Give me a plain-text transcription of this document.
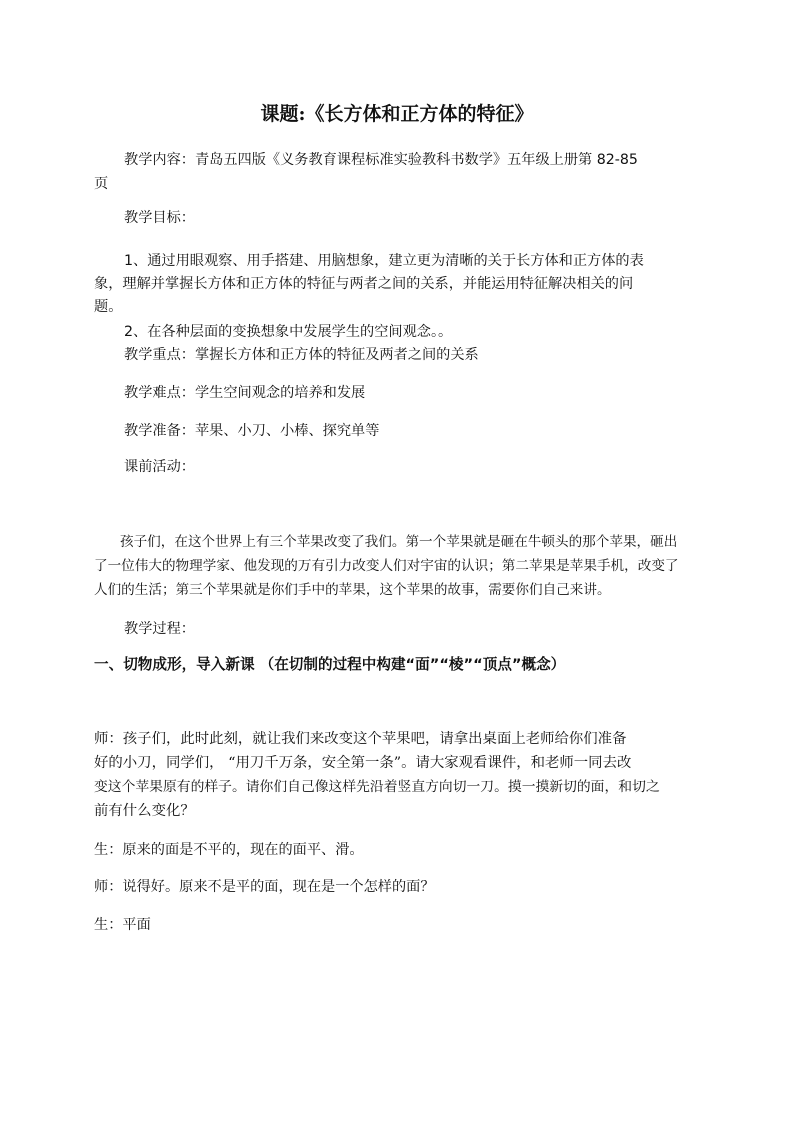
课题:《长方体和正方体的特征》
教学内容：青岛五四版《义务教育课程标准实验教科书数学》五年级上册第 82-85
页
教学目标：
1、通过用眼观察、用手搭建、用脑想象，建立更为清晰的关于长方体和正方体的表
象，理解并掌握长方体和正方体的特征与两者之间的关系，并能运用特征解决相关的问
题。
2、在各种层面的变换想象中发展学生的空间观念。。
教学重点：掌握长方体和正方体的特征及两者之间的关系
教学难点：学生空间观念的培养和发展
教学准备：苹果、小刀、小棒、探究单等
课前活动：
孩子们，在这个世界上有三个苹果改变了我们。第一个苹果就是砸在牛顿头的那个苹果，砸出
了一位伟大的物理学家、他发现的万有引力改变人们对宇宙的认识；第二苹果是苹果手机，改变了
人们的生活；第三个苹果就是你们手中的苹果，这个苹果的故事，需要你们自己来讲。
教学过程：
一、切物成形，导入新课 （在切制的过程中构建“面”“棱”“顶点”概念）
师：孩子们，此时此刻，就让我们来改变这个苹果吧，请拿出桌面上老师给你们准备
好的小刀，同学们， “用刀千万条，安全第一条”。请大家观看课件，和老师一同去改
变这个苹果原有的样子。请你们自己像这样先沿着竖直方向切一刀。摸一摸新切的面，和切之
前有什么变化？
生：原来的面是不平的，现在的面平、滑。
师：说得好。原来不是平的面，现在是一个怎样的面？
生：平面
